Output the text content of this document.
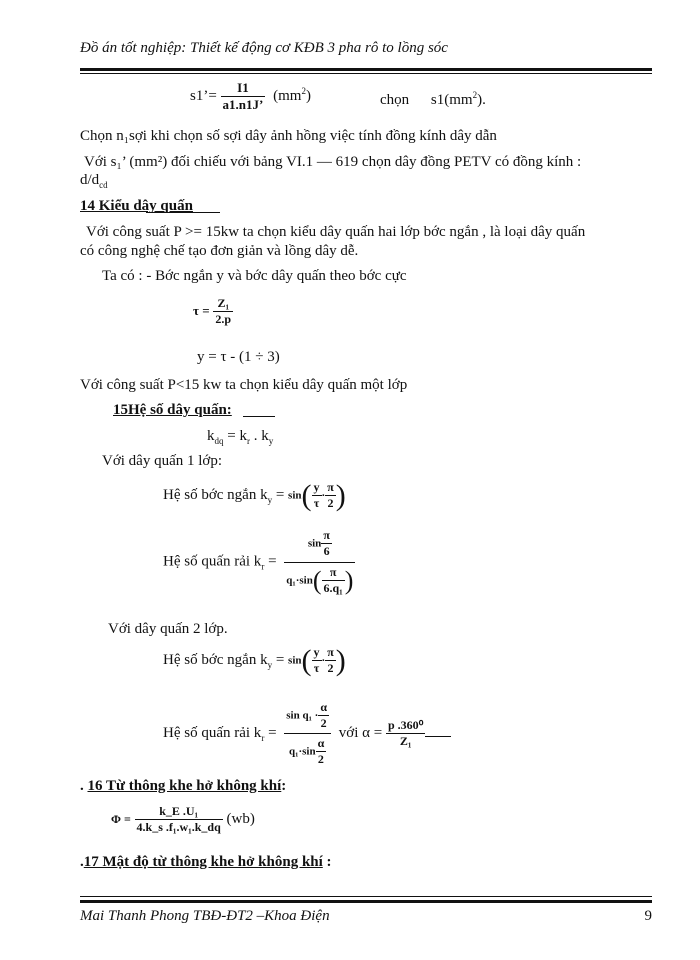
Đồ án tốt nghiệp: Thiết kế động cơ KĐB 3 pha rô to lồng sóc
s1’= $\frac{I1}{a1.n1J’} (mm^2)$	chọn $s1(mm^2)$.
Chọn n₁sợi khi chọn số sợi dây ảnh hồng việc tính đồng kính dây dẫn
Với s₁’ (mm²) đối chiếu với bảng VI.1 — 619 chọn dây đồng PETV có đồng kính :
$d/d_{cd}$
14 Kiểu dây quấn
Với công suất P >= 15kw ta chọn kiểu dây quấn hai lớp bớc ngắn , là loại dây quấn
có công nghệ chế tạo đơn giản và lồng dây dễ.
Ta có : - Bớc ngắn y và bớc dây quấn theo bớc cực
$\tau = \frac{\text{Z₁}}{2.p}$
y = τ - (1 ÷ 3)
Với công suất P<15 kw ta chọn kiểu dây quấn một lớp
15Hệ số dây quấn:
$k_{dq} = k_r$ . $k_y$
Với dây quấn 1 lớp:
Hệ số bớc ngắn $k_y = \sin( \frac{y}{\tau} \cdot \frac{\pi}{2}$ )
Hệ số quấn rải $k_r = \frac{\sin \frac{\pi}{6}}{q_1\cdot\sin( \frac{\pi}{\text{6.q₁}} )}$
Với dây quấn 2 lớp.
Hệ số bớc ngắn $k_y = \sin( \frac{y}{\tau} \cdot \frac{\pi}{2}$ )
Hệ số quấn rải $k_r = \frac{\sin q_1 \cdot \frac{\alpha}{2}}{q_1\cdot\sin \frac{\alpha}{2}}$ với $\alpha = \frac{\text{p .360⁰}}{\text{Z₁}}$
. 16 Từ thông khe hở không khí:
$\Phi = \frac{\text{k\_E .U₁}}{\text{4.k\_s .f₁.w₁.k\_dq}} (wb)$
.17 Mật độ từ thông khe hở không khí :
Mai Thanh Phong TBĐ-ĐT2 –Khoa Điện	9
